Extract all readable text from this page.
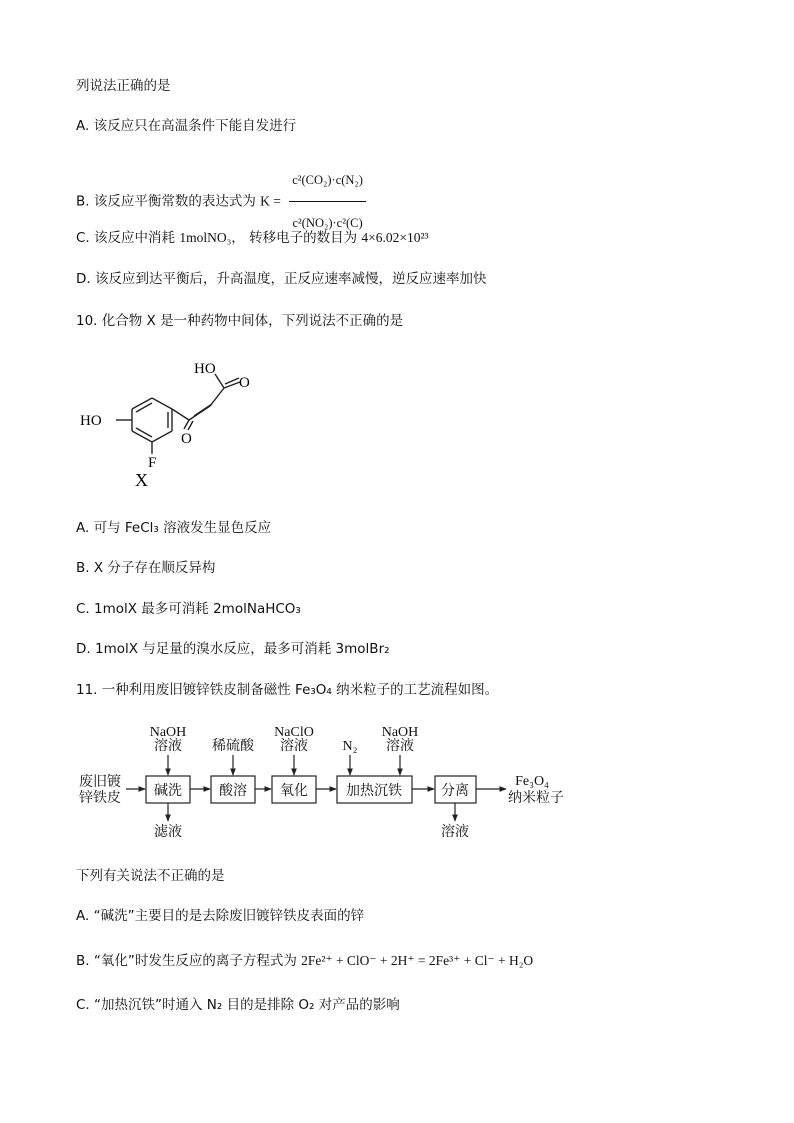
列说法正确的是
A. 该反应只在高温条件下能自发进行
B. 该反应平衡常数的表达式为 $K = \frac{\text{c²(CO₂)·c(N₂)}}{\text{c²(NO₂)·c²(C)}}$
C. 该反应中消耗 1molNO₃， 转移电子的数目为 4×6.02×10²³
D. 该反应到达平衡后，升高温度，正反应速率减慢，逆反应速率加快
10. 化合物 X 是一种药物中间体，下列说法不正确的是
HO
F
O
HO
O
X
A. 可与 FeCl₃ 溶液发生显色反应
B. X 分子存在顺反异构
C. 1molX 最多可消耗 2molNaHCO₃
D. 1molX 与足量的溴水反应，最多可消耗 3molBr₂
11. 一种利用废旧镀锌铁皮制备磁性 Fe₃O₄ 纳米粒子的工艺流程如图。
废旧镀
锌铁皮 碱洗	酸溶 氧化	加热沉铁	分离
NaOH
溶液 稀硫酸
NaClO
溶液 N₂
NaOH
溶液
滤液	溶液
Fe₃O₄
纳米粒子
下列有关说法不正确的是
A. “碱洗”主要目的是去除废旧镀锌铁皮表面的锌
B. “氧化”时发生反应的离子方程式为 2Fe²⁺ + ClO⁻ + 2H⁺ = 2Fe³⁺ + Cl⁻ + H₂O
C. “加热沉铁”时通入 N₂ 目的是排除 O₂ 对产品的影响
